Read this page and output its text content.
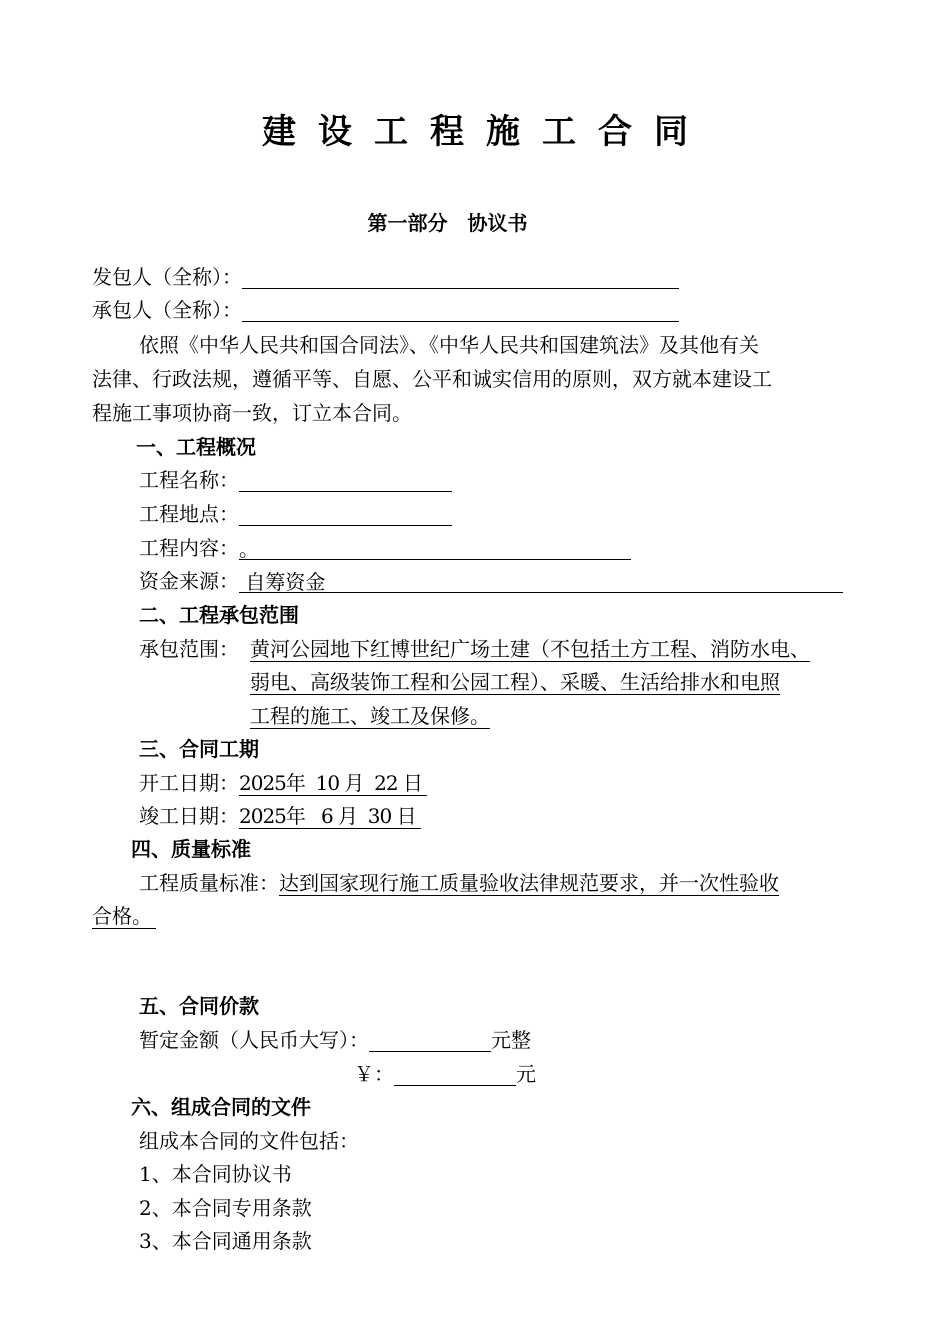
建设工程施工合同
第一部分　协议书
发包人（全称）：
承包人（全称）：
依照《中华人民共和国合同法》、《中华人民共和国建筑法》及其他有关
法律、行政法规，遵循平等、自愿、公平和诚实信用的原则，双方就本建设工
程施工事项协商一致，订立本合同。
一、工程概况
工程名称：
工程地点：
工程内容：。
资金来源： 自筹资金
二、工程承包范围
承包范围： 黄河公园地下红博世纪广场土建（不包括土方工程、消防水电、
弱电、高级装饰工程和公园工程）、采暖、生活给排水和电照
工程的施工、竣工及保修。
三、合同工期
开工日期：2025年  10 月  22 日
竣工日期：2025年   6 月  30 日
四、质量标准
工程质量标准：达到国家现行施工质量验收法律规范要求，并一次性验收
合格。
五、合同价款
暂定金额（人民币大写）：	元整
￥：	元
六、组成合同的文件
组成本合同的文件包括：
1、本合同协议书
2、本合同专用条款
3、本合同通用条款
